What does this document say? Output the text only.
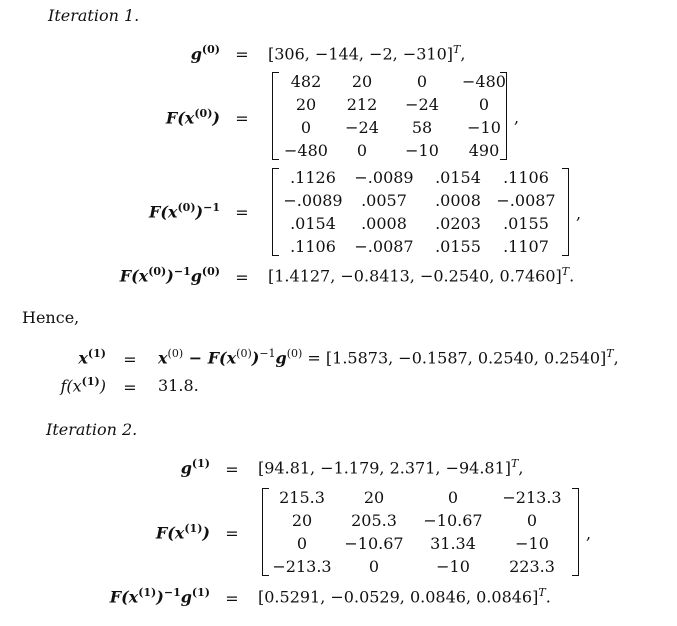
Iteration 1.
$g^{(0)} = [306$, −144, −2, −310]$^T$,
$F(x^{(0)})$ =
482	20	0	−480
20	212	−24	0
0	−24	58	−10
−480	0	−10	490
,
$F(x^{(0)})^{-1}$ =
.1126	−.0089	.0154	.1106
−.0089	.0057	.0008	−.0087
.0154	.0008	.0203	.0155
.1106	−.0087	.0155	.1107
,
$F(x^{(0)})^{-1}g^{(0)} = [1.4127$, −0.8413, −0.2540, 0.7460]$^T$.
Hence,
$x^{(1)} = x^{(0)} - F(x^{(0)})^{-1}g^{(0)} = [1.5873$, −0.1587, 0.2540, 0.2540]$^T$,
$f(x^{(1)}) = 31.8$.
Iteration 2.
$g^{(1)} = [94.81$, −1.179, 2.371, −94.81]$^T$,
$F(x^{(1)})$ =
215.3	20	0	−213.3
20	205.3	−10.67	0
0	−10.67	31.34	−10
−213.3	0	−10	223.3
,
$F(x^{(1)})^{-1}g^{(1)} = [0.5291$, −0.0529, 0.0846, 0.0846]$^T$.
